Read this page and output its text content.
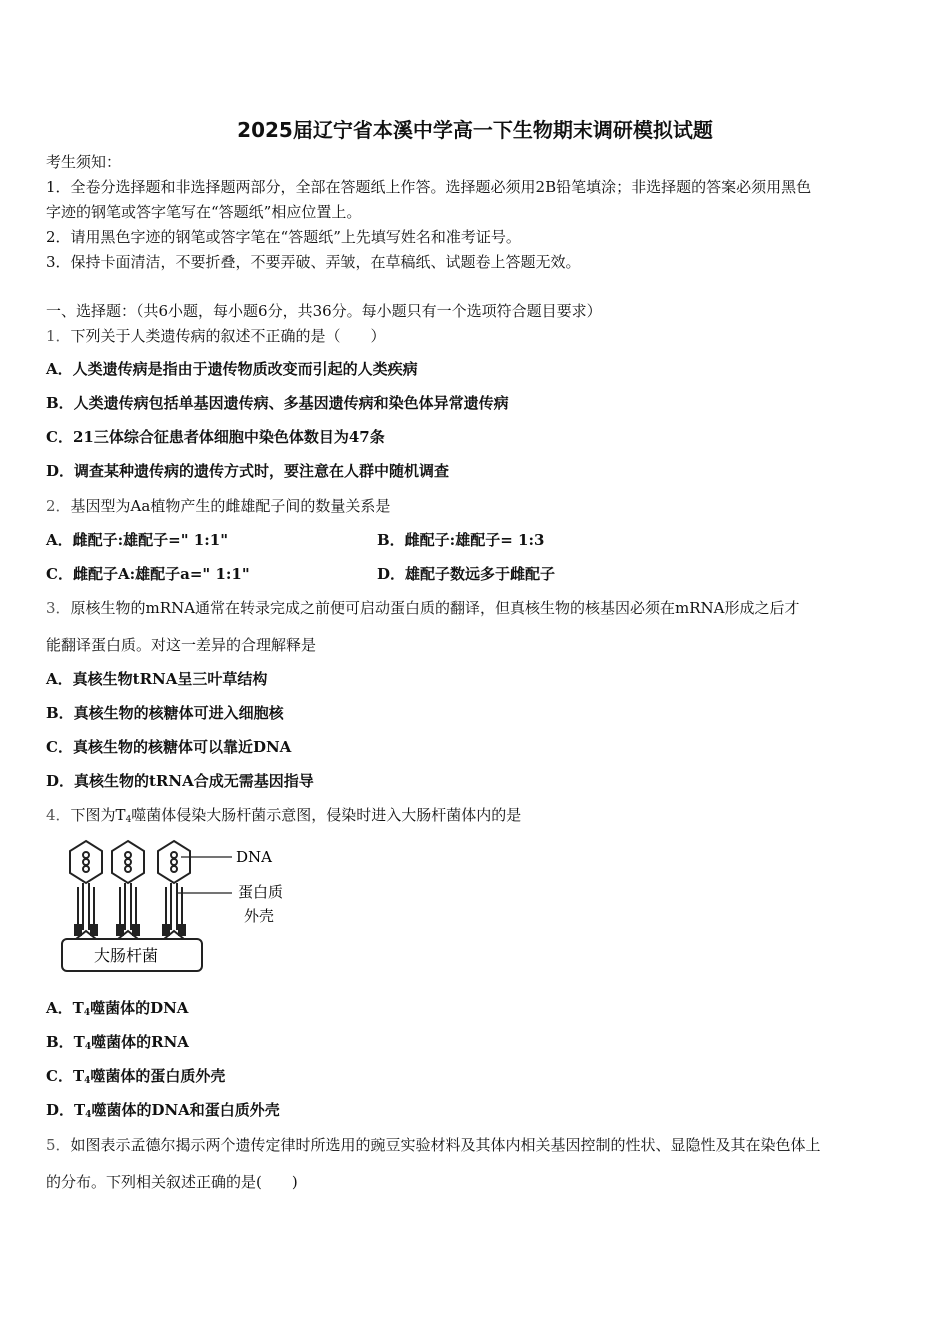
2025届辽宁省本溪中学高一下生物期末调研模拟试题
考生须知：
1．全卷分选择题和非选择题两部分，全部在答题纸上作答。选择题必须用2B铅笔填涂；非选择题的答案必须用黑色
字迹的钢笔或答字笔写在“答题纸”相应位置上。
2．请用黑色字迹的钢笔或答字笔在“答题纸”上先填写姓名和准考证号。
3．保持卡面清洁，不要折叠，不要弄破、弄皱，在草稿纸、试题卷上答题无效。
一、选择题：（共6小题，每小题6分，共36分。每小题只有一个选项符合题目要求）
1．下列关于人类遗传病的叙述不正确的是（　　）
A．人类遗传病是指由于遗传物质改变而引起的人类疾病
B．人类遗传病包括单基因遗传病、多基因遗传病和染色体异常遗传病
C．21三体综合征患者体细胞中染色体数目为47条
D．调查某种遗传病的遗传方式时，要注意在人群中随机调查
2．基因型为Aa植物产生的雌雄配子间的数量关系是
A．雌配子:雄配子=" 1:1"	B．雌配子:雄配子= 1:3
C．雌配子A:雄配子a=" 1:1"	D．雄配子数远多于雌配子
3．原核生物的mRNA通常在转录完成之前便可启动蛋白质的翻译，但真核生物的核基因必须在mRNA形成之后才
能翻译蛋白质。对这一差异的合理解释是
A．真核生物tRNA呈三叶草结构
B．真核生物的核糖体可进入细胞核
C．真核生物的核糖体可以靠近DNA
D．真核生物的tRNA合成无需基因指导
4．下图为$T_4$噬菌体侵染大肠杆菌示意图，侵染时进入大肠杆菌体内的是
DNA
蛋白质
外壳
大肠杆菌
A．$T_4$噬菌体的DNA
B．$T_4$噬菌体的RNA
C．$T_4$噬菌体的蛋白质外壳
D．$T_4$噬菌体的DNA和蛋白质外壳
5．如图表示孟德尔揭示两个遗传定律时所选用的豌豆实验材料及其体内相关基因控制的性状、显隐性及其在染色体上
的分布。下列相关叙述正确的是(　　)
